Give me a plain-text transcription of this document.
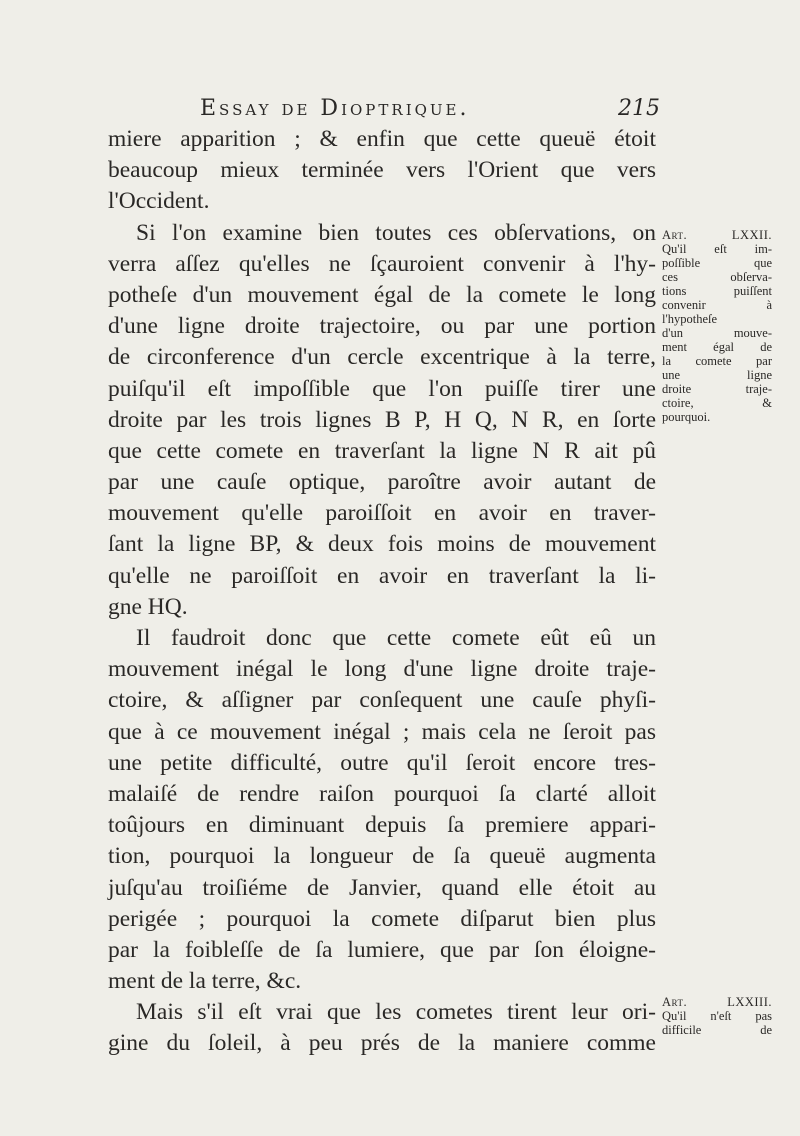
Essay de Dioptrique.	215
miere apparition ; & enfin que cette queuë étoit
beaucoup mieux terminée vers l'Orient que vers
l'Occident.
Si l'on examine bien toutes ces obſervations, on
verra aſſez qu'elles ne ſçauroient convenir à l'hy-
potheſe d'un mouvement égal de la comete le long
d'une ligne droite trajectoire, ou par une portion
de circonference d'un cercle excentrique à la terre,
puiſqu'il eſt impoſſible que l'on puiſſe tirer une
droite par les trois lignes B P, H Q, N R, en ſorte
que cette comete en traverſant la ligne N R ait pû
par une cauſe optique, paroître avoir autant de
mouvement qu'elle paroiſſoit en avoir en traver-
ſant la ligne BP, & deux fois moins de mouvement
qu'elle ne paroiſſoit en avoir en traverſant la li-
gne HQ.
Il faudroit donc que cette comete eût eû un
mouvement inégal le long d'une ligne droite traje-
ctoire, & aſſigner par conſequent une cauſe phyſi-
que à ce mouvement inégal ; mais cela ne ſeroit pas
une petite difficulté, outre qu'il ſeroit encore tres-
malaiſé de rendre raiſon pourquoi ſa clarté alloit
toûjours en diminuant depuis ſa premiere appari-
tion, pourquoi la longueur de ſa queuë augmenta
juſqu'au troiſiéme de Janvier, quand elle étoit au
perigée ; pourquoi la comete diſparut bien plus
par la foibleſſe de ſa lumiere, que par ſon éloigne-
ment de la terre, &c.
Mais s'il eſt vrai que les cometes tirent leur ori-
gine du ſoleil, à peu prés de la maniere comme
Art. LXXII.
Qu'il eſt im-
poſſible que
ces obſerva-
tions puiſſent
convenir à
l'hypotheſe
d'un mouve-
ment égal de
la comete par
une ligne
droite traje-
ctoire, &
pourquoi.
Art. LXXIII.
Qu'il n'eſt pas
difficile de
